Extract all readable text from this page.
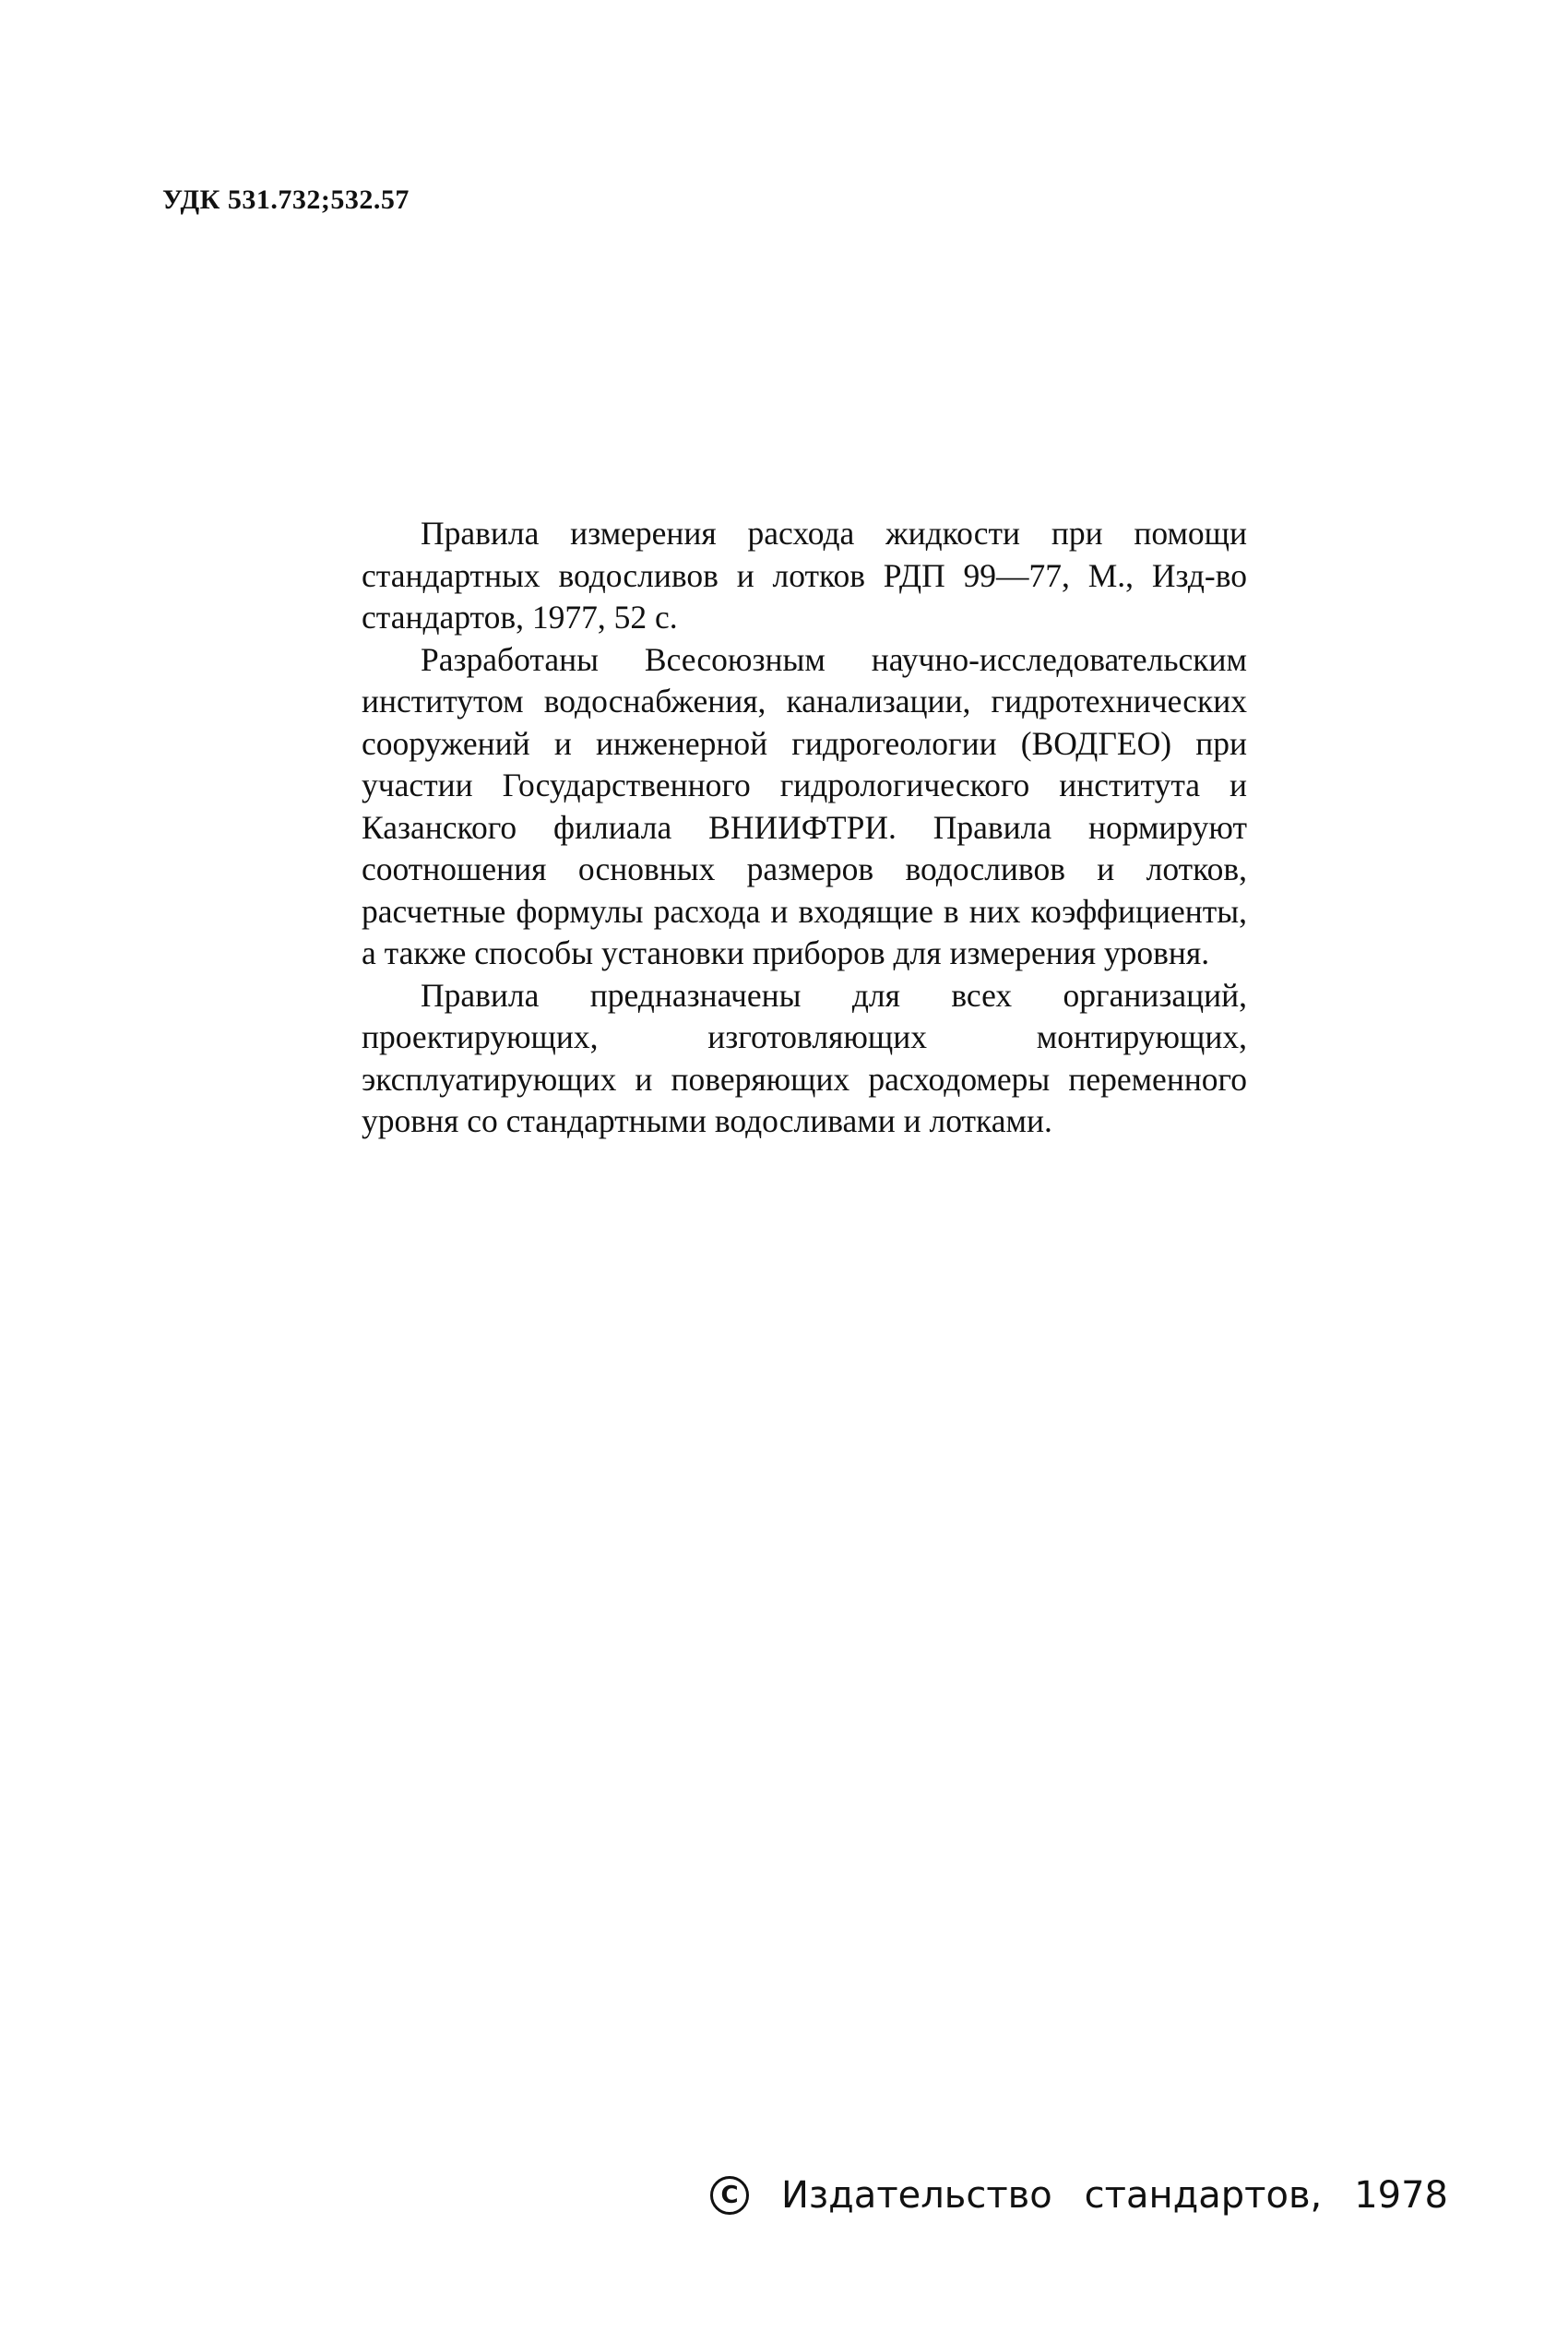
УДК 531.732;532.57

Правила измерения расхода жидкости при помощи стандартных водосливов и лотков РДП 99—77, М., Изд-во стандартов, 1977, 52 с.

Разработаны Всесоюзным научно-исследовательским институтом водоснабжения, канализации, гидротехнических сооружений и инженерной гидрогеологии (ВОДГЕО) при участии Государственного гидрологического института и Казанского филиала ВНИИФТРИ. Правила нормируют соотношения основных размеров водосливов и лотков, расчетные формулы расхода и входящие в них коэффициенты, а также способы установки приборов для измерения уровня.

Правила предназначены для всех организаций, проектирующих, изготовляющих монтирующих, эксплуатирующих и поверяющих расходомеры переменного уровня со стандартными водосливами и лотками.

C Издательство стандартов, 1978
